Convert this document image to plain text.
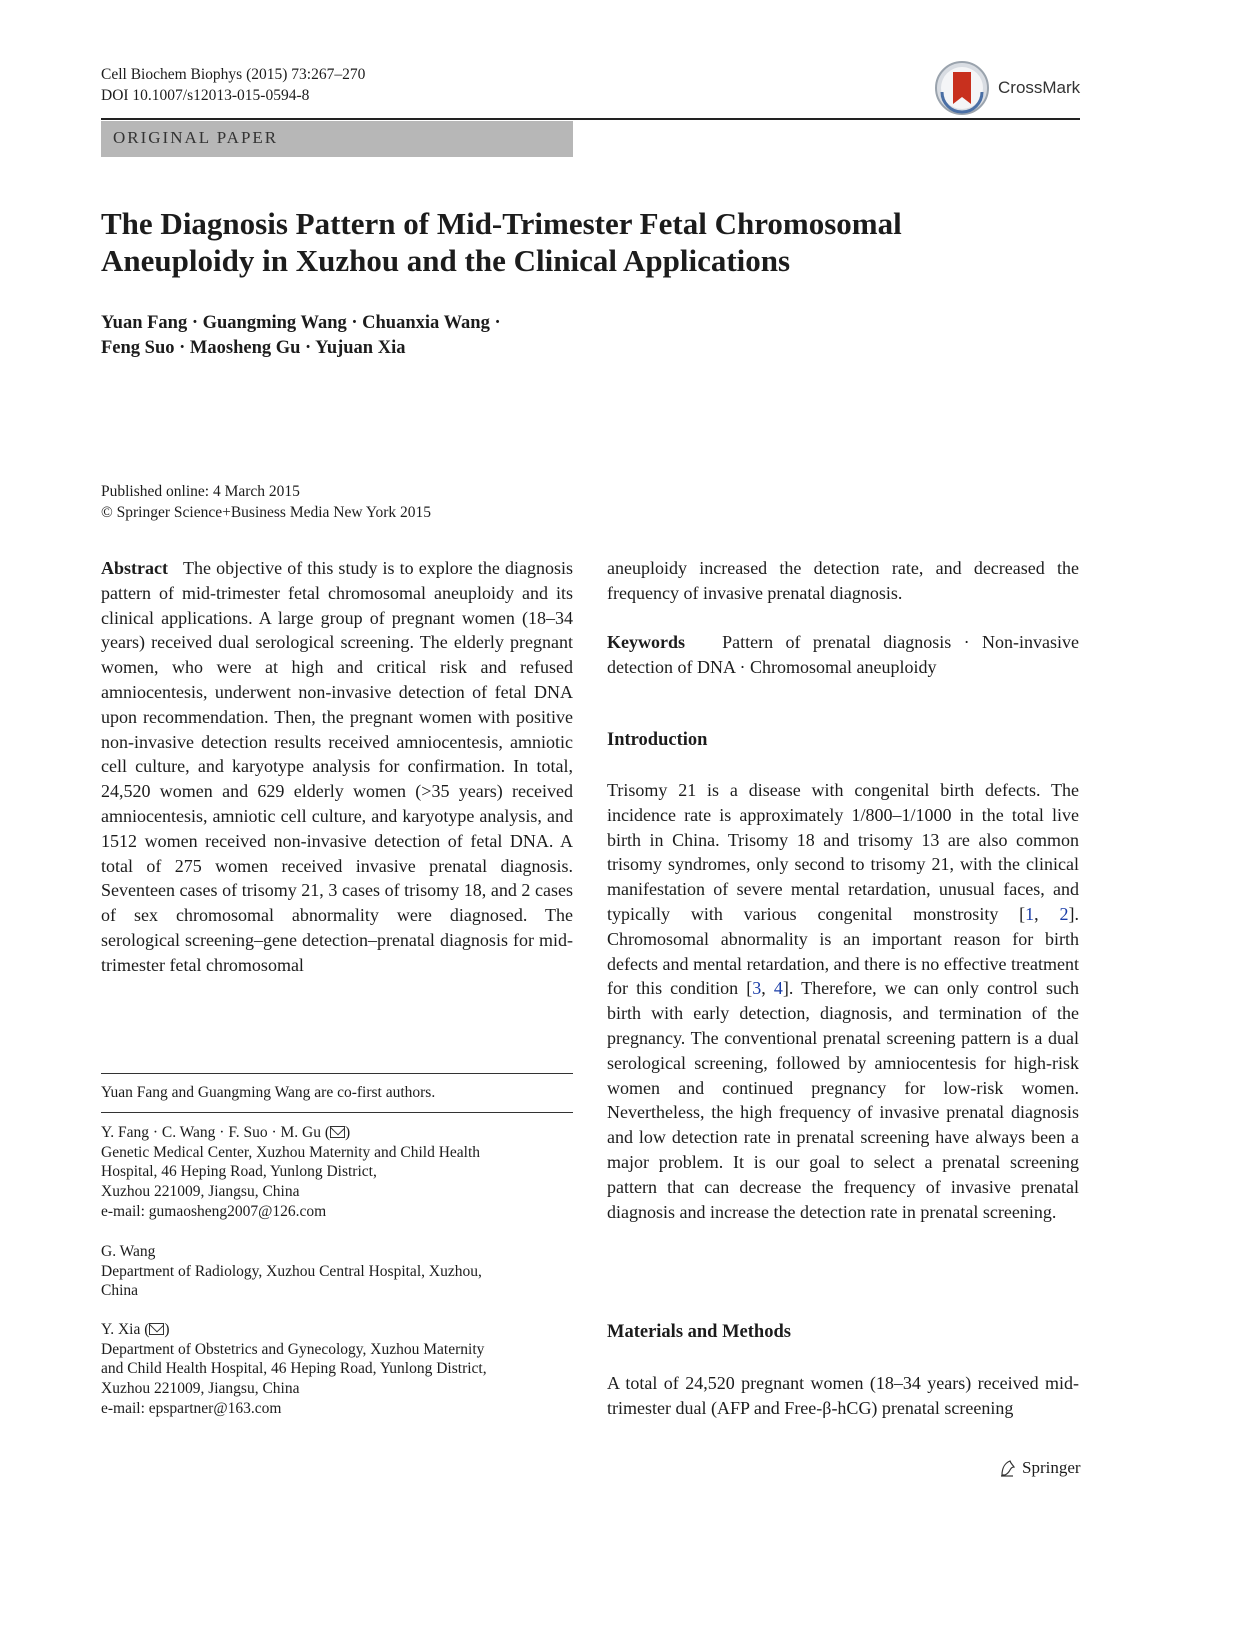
Cell Biochem Biophys (2015) 73:267–270
DOI 10.1007/s12013-015-0594-8	CrossMark
ORIGINAL PAPER
The Diagnosis Pattern of Mid-Trimester Fetal Chromosomal
Aneuploidy in Xuzhou and the Clinical Applications
Yuan Fang · Guangming Wang · Chuanxia Wang ·
Feng Suo · Maosheng Gu · Yujuan Xia
Published online: 4 March 2015
© Springer Science+Business Media New York 2015
Abstract The objective of this study is to explore the diagnosis pattern of mid-trimester fetal chromosomal aneuploidy and its clinical applications. A large group of pregnant women (18–34 years) received dual serological screening. The elderly pregnant women, who were at high and critical risk and refused amniocentesis, underwent non-invasive detection of fetal DNA upon recommendation. Then, the pregnant women with positive non-invasive detection results received amniocentesis, amniotic cell culture, and karyotype analysis for confirmation. In total, 24,520 women and 629 elderly women (>35 years) received amniocentesis, amniotic cell culture, and karyotype analysis, and 1512 women received non-invasive detection of fetal DNA. A total of 275 women received invasive prenatal diagnosis. Seventeen cases of trisomy 21, 3 cases of trisomy 18, and 2 cases of sex chromosomal abnormality were diagnosed. The serological screening–gene detection–prenatal diagnosis for mid-trimester fetal chromosomal
aneuploidy increased the detection rate, and decreased the frequency of invasive prenatal diagnosis.
Keywords Pattern of prenatal diagnosis · Non-invasive detection of DNA · Chromosomal aneuploidy
Introduction
Trisomy 21 is a disease with congenital birth defects. The incidence rate is approximately 1/800–1/1000 in the total live birth in China. Trisomy 18 and trisomy 13 are also common trisomy syndromes, only second to trisomy 21, with the clinical manifestation of severe mental retardation, unusual faces, and typically with various congenital monstrosity [1, 2]. Chromosomal abnormality is an important reason for birth defects and mental retardation, and there is no effective treatment for this condition [3, 4]. Therefore, we can only control such birth with early detection, diagnosis, and termination of the pregnancy. The conventional prenatal screening pattern is a dual serological screening, followed by amniocentesis for high-risk women and continued pregnancy for low-risk women. Nevertheless, the high frequency of invasive prenatal diagnosis and low detection rate in prenatal screening have always been a major problem. It is our goal to select a prenatal screening pattern that can decrease the frequency of invasive prenatal diagnosis and increase the detection rate in prenatal screening.
Materials and Methods
A total of 24,520 pregnant women (18–34 years) received mid-trimester dual (AFP and Free-β-hCG) prenatal screening
Yuan Fang and Guangming Wang are co-first authors.
Y. Fang · C. Wang · F. Suo · M. Gu ( )
Genetic Medical Center, Xuzhou Maternity and Child Health
Hospital, 46 Heping Road, Yunlong District,
Xuzhou 221009, Jiangsu, China
e-mail: gumaosheng2007@126.com
G. Wang
Department of Radiology, Xuzhou Central Hospital, Xuzhou,
China
Y. Xia ( )
Department of Obstetrics and Gynecology, Xuzhou Maternity
and Child Health Hospital, 46 Heping Road, Yunlong District,
Xuzhou 221009, Jiangsu, China
e-mail: epspartner@163.com
Springer
